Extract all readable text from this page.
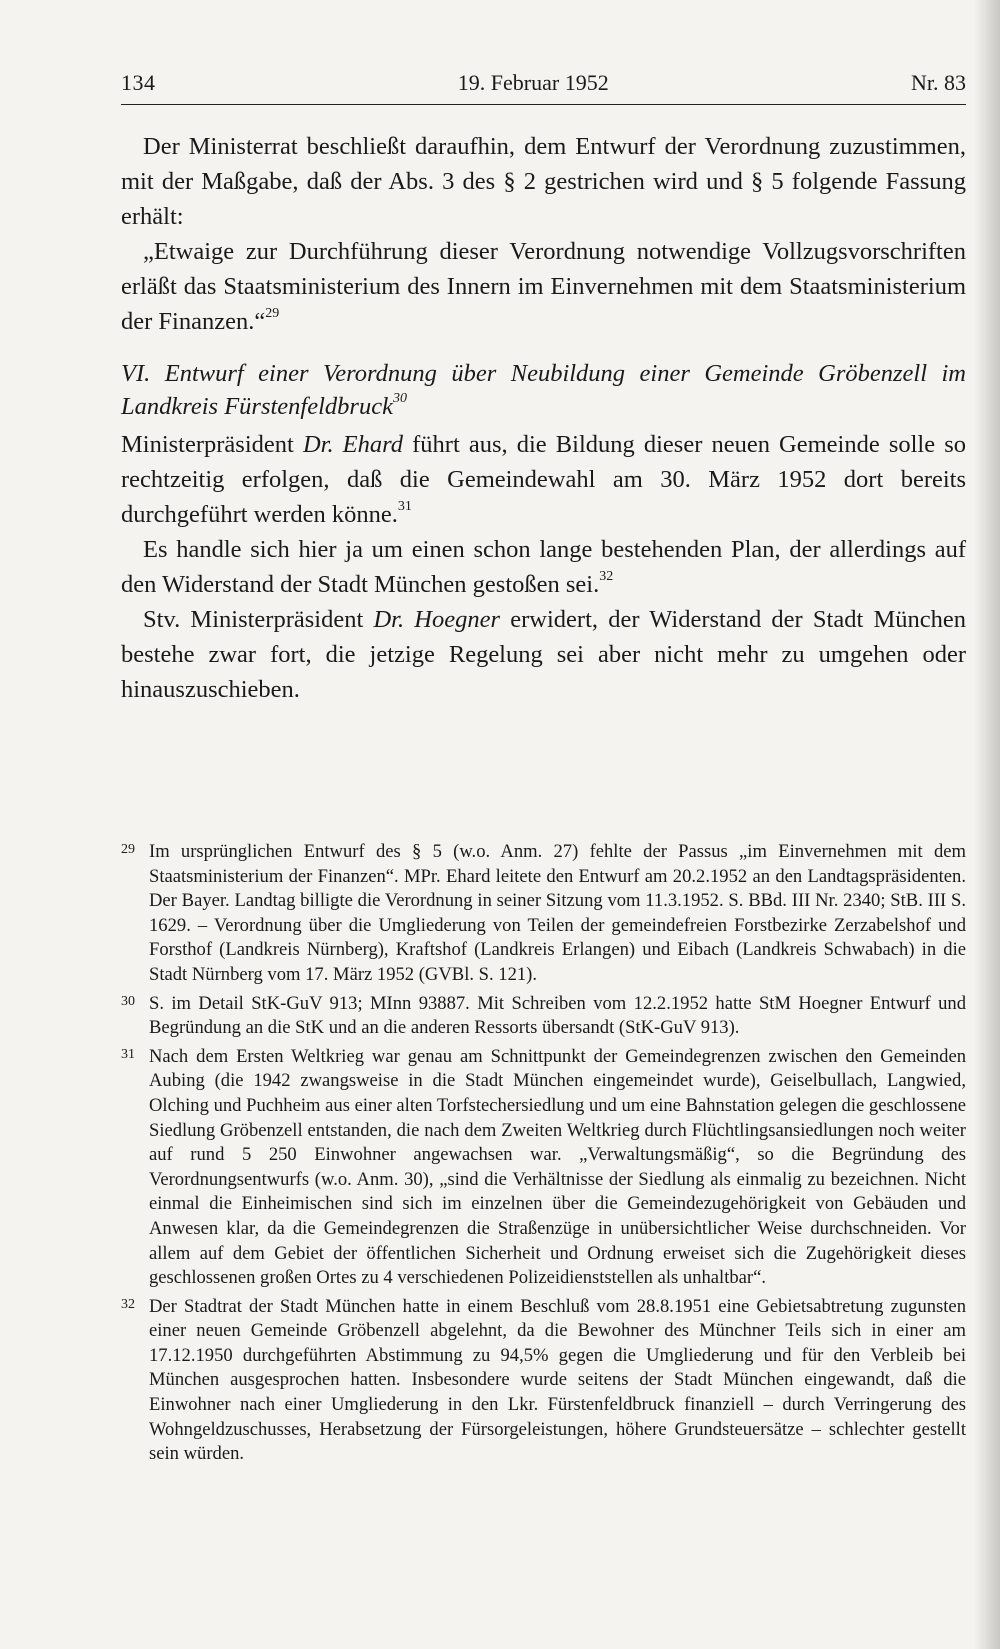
134	19. Februar 1952	Nr. 83

Der Ministerrat beschließt daraufhin, dem Entwurf der Verordnung zuzustimmen, mit der Maßgabe, daß der Abs. 3 des § 2 gestrichen wird und § 5 folgende Fassung erhält:

„Etwaige zur Durchführung dieser Verordnung notwendige Vollzugsvorschriften erläßt das Staatsministerium des Innern im Einvernehmen mit dem Staatsministerium der Finanzen.“$^{29}$

VI. Entwurf einer Verordnung über Neubildung einer Gemeinde Gröbenzell im Landkreis Fürstenfeldbruck$^{30}$

Ministerpräsident Dr. Ehard führt aus, die Bildung dieser neuen Gemeinde solle so rechtzeitig erfolgen, daß die Gemeindewahl am 30. März 1952 dort bereits durchgeführt werden könne.$^{31}$

Es handle sich hier ja um einen schon lange bestehenden Plan, der allerdings auf den Widerstand der Stadt München gestoßen sei.$^{32}$

Stv. Ministerpräsident Dr. Hoegner erwidert, der Widerstand der Stadt München bestehe zwar fort, die jetzige Regelung sei aber nicht mehr zu umgehen oder hinauszuschieben.

29 Im ursprünglichen Entwurf des § 5 (w.o. Anm. 27) fehlte der Passus „im Einvernehmen mit dem Staatsministerium der Finanzen“. MPr. Ehard leitete den Entwurf am 20.2.1952 an den Landtagspräsidenten. Der Bayer. Landtag billigte die Verordnung in seiner Sitzung vom 11.3.1952. S. BBd. III Nr. 2340; StB. III S. 1629. – Verordnung über die Umgliederung von Teilen der gemeindefreien Forstbezirke Zerzabelshof und Forsthof (Landkreis Nürnberg), Kraftshof (Landkreis Erlangen) und Eibach (Landkreis Schwabach) in die Stadt Nürnberg vom 17. März 1952 (GVBl. S. 121).
30 S. im Detail StK-GuV 913; MInn 93887. Mit Schreiben vom 12.2.1952 hatte StM Hoegner Entwurf und Begründung an die StK und an die anderen Ressorts übersandt (StK-GuV 913).
31 Nach dem Ersten Weltkrieg war genau am Schnittpunkt der Gemeindegrenzen zwischen den Gemeinden Aubing (die 1942 zwangsweise in die Stadt München eingemeindet wurde), Geiselbullach, Langwied, Olching und Puchheim aus einer alten Torfstechersiedlung und um eine Bahnstation gelegen die geschlossene Siedlung Gröbenzell entstanden, die nach dem Zweiten Weltkrieg durch Flüchtlingsansiedlungen noch weiter auf rund 5 250 Einwohner angewachsen war. „Verwaltungsmäßig“, so die Begründung des Verordnungsentwurfs (w.o. Anm. 30), „sind die Verhältnisse der Siedlung als einmalig zu bezeichnen. Nicht einmal die Einheimischen sind sich im einzelnen über die Gemeindezugehörigkeit von Gebäuden und Anwesen klar, da die Gemeindegrenzen die Straßenzüge in unübersichtlicher Weise durchschneiden. Vor allem auf dem Gebiet der öffentlichen Sicherheit und Ordnung erweiset sich die Zugehörigkeit dieses geschlossenen großen Ortes zu 4 verschiedenen Polizeidienststellen als unhaltbar“.
32 Der Stadtrat der Stadt München hatte in einem Beschluß vom 28.8.1951 eine Gebietsabtretung zugunsten einer neuen Gemeinde Gröbenzell abgelehnt, da die Bewohner des Münchner Teils sich in einer am 17.12.1950 durchgeführten Abstimmung zu 94,5% gegen die Umgliederung und für den Verbleib bei München ausgesprochen hatten. Insbesondere wurde seitens der Stadt München eingewandt, daß die Einwohner nach einer Umgliederung in den Lkr. Fürstenfeldbruck finanziell – durch Verringerung des Wohngeldzuschusses, Herabsetzung der Fürsorgeleistungen, höhere Grundsteuersätze – schlechter gestellt sein würden.
